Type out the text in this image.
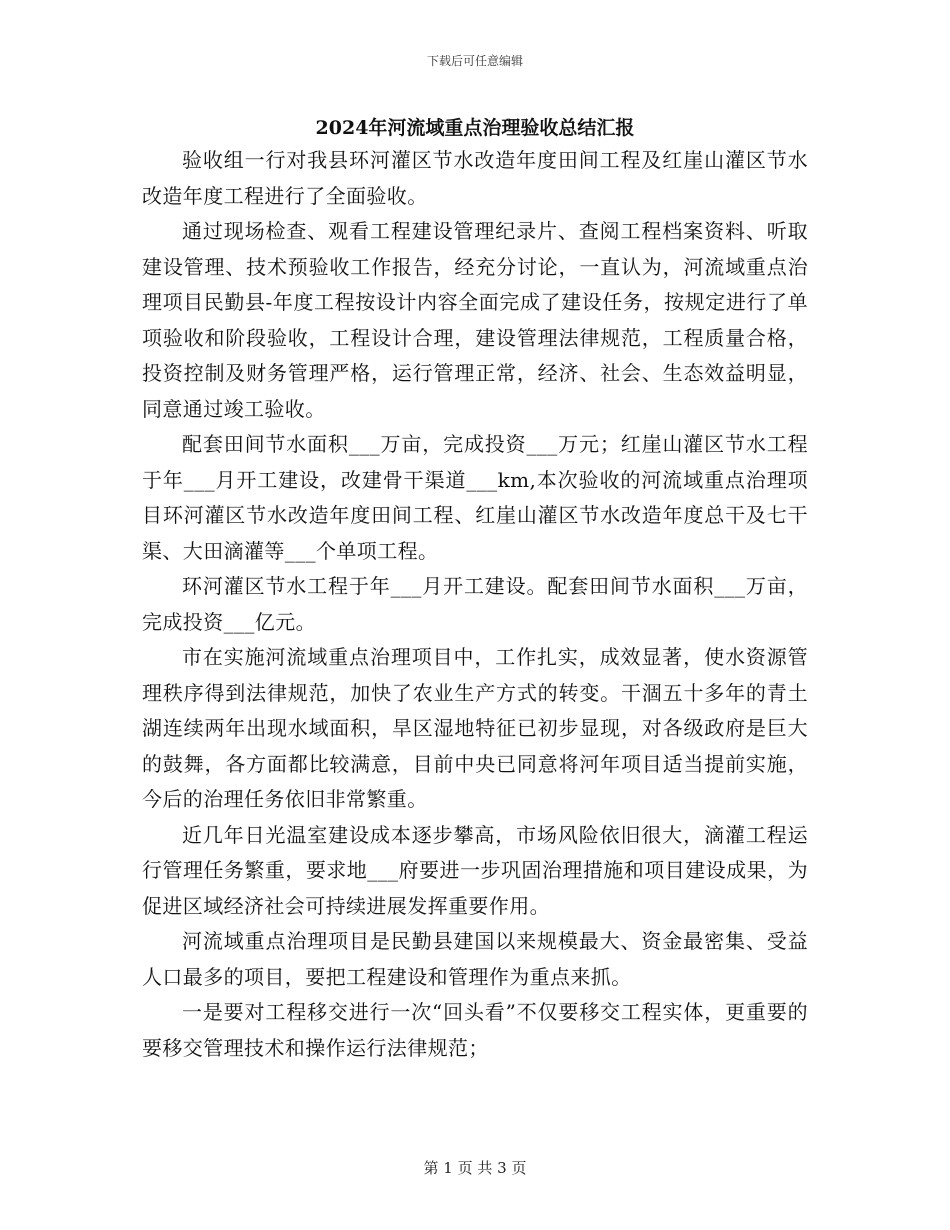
下载后可任意编辑
2024年河流域重点治理验收总结汇报

验收组一行对我县环河灌区节水改造年度田间工程及红崖山灌区节水改造年度工程进行了全面验收。

通过现场检查、观看工程建设管理纪录片、查阅工程档案资料、听取建设管理、技术预验收工作报告，经充分讨论，一直认为，河流域重点治理项目民勤县-年度工程按设计内容全面完成了建设任务，按规定进行了单项验收和阶段验收，工程设计合理，建设管理法律规范，工程质量合格，投资控制及财务管理严格，运行管理正常，经济、社会、生态效益明显，同意通过竣工验收。

配套田间节水面积___万亩，完成投资___万元；红崖山灌区节水工程于年___月开工建设，改建骨干渠道___km,本次验收的河流域重点治理项目环河灌区节水改造年度田间工程、红崖山灌区节水改造年度总干及七干渠、大田滴灌等___个单项工程。

环河灌区节水工程于年___月开工建设。配套田间节水面积___万亩，完成投资___亿元。

市在实施河流域重点治理项目中，工作扎实，成效显著，使水资源管理秩序得到法律规范，加快了农业生产方式的转变。干涸五十多年的青土湖连续两年出现水域面积，旱区湿地特征已初步显现，对各级政府是巨大的鼓舞，各方面都比较满意，目前中央已同意将河年项目适当提前实施，今后的治理任务依旧非常繁重。

近几年日光温室建设成本逐步攀高，市场风险依旧很大，滴灌工程运行管理任务繁重，要求地___府要进一步巩固治理措施和项目建设成果，为促进区域经济社会可持续进展发挥重要作用。

河流域重点治理项目是民勤县建国以来规模最大、资金最密集、受益人口最多的项目，要把工程建设和管理作为重点来抓。

一是要对工程移交进行一次“回头看”不仅要移交工程实体，更重要的要移交管理技术和操作运行法律规范；

第 1 页 共 3 页
